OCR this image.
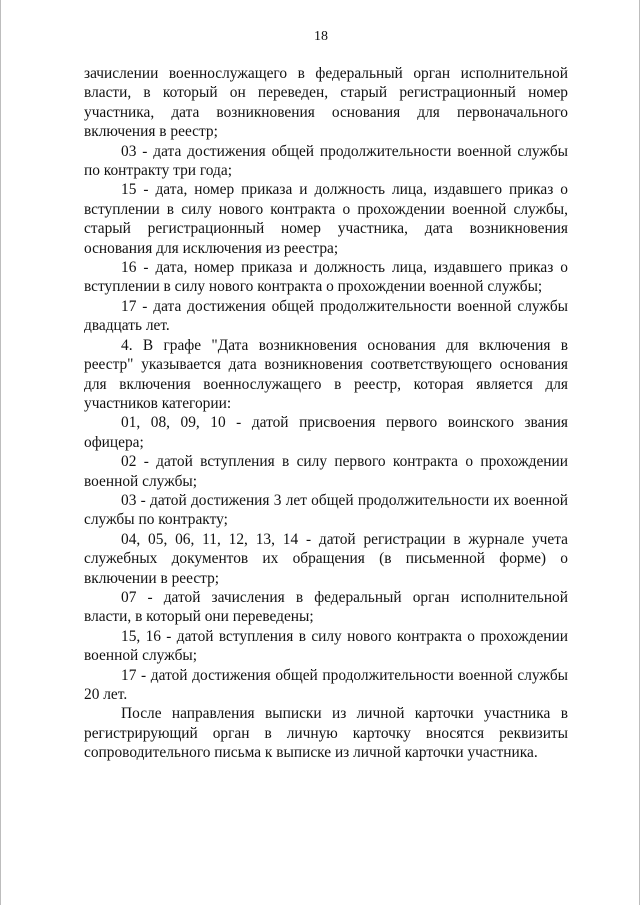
18

зачислении военнослужащего в федеральный орган исполнительной власти, в который он переведен, старый регистрационный номер участника, дата возникновения основания для первоначального включения в реестр;

03 - дата достижения общей продолжительности военной службы по контракту три года;

15 - дата, номер приказа и должность лица, издавшего приказ о вступлении в силу нового контракта о прохождении военной службы, старый регистрационный номер участника, дата возникновения основания для исключения из реестра;

16 - дата, номер приказа и должность лица, издавшего приказ о вступлении в силу нового контракта о прохождении военной службы;

17 - дата достижения общей продолжительности военной службы двадцать лет.

4. В графе "Дата возникновения основания для включения в реестр" указывается дата возникновения соответствующего основания для включения военнослужащего в реестр, которая является для участников категории:

01, 08, 09, 10 - датой присвоения первого воинского звания офицера;

02 - датой вступления в силу первого контракта о прохождении военной службы;

03 - датой достижения 3 лет общей продолжительности их военной службы по контракту;

04, 05, 06, 11, 12, 13, 14 - датой регистрации в журнале учета служебных документов их обращения (в письменной форме) о включении в реестр;

07 - датой зачисления в федеральный орган исполнительной власти, в который они переведены;

15, 16 - датой вступления в силу нового контракта о прохождении военной службы;

17 - датой достижения общей продолжительности военной службы 20 лет.

После направления выписки из личной карточки участника в регистрирующий орган в личную карточку вносятся реквизиты сопроводительного письма к выписке из личной карточки участника.
